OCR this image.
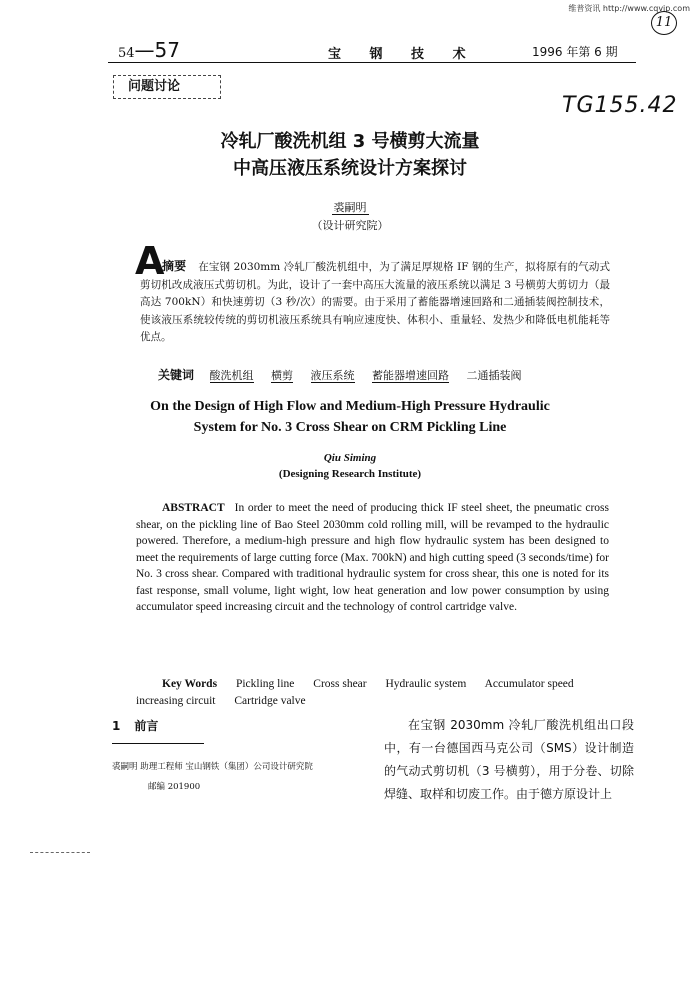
维普资讯 http://www.cqvip.com
11
54—57	宝 钢 技 术	1996 年第 6 期
问题讨论
TG155.42
冷轧厂酸洗机组 3 号横剪大流量
中高压液压系统设计方案探讨
裘嗣明
（设计研究院）
A
摘要 在宝钢 2030mm 冷轧厂酸洗机组中，为了满足厚规格 IF 钢的生产，拟将原有的气动式剪切机改成液压式剪切机。为此，设计了一套中高压大流量的液压系统以满足 3 号横剪大剪切力（最高达 700kN）和快速剪切（3 秒/次）的需要。由于采用了蓄能器增速回路和二通插装阀控制技术，使该液压系统较传统的剪切机液压系统具有响应速度快、体积小、重量轻、发热少和降低电机能耗等优点。
关键词 酸洗机组 横剪 液压系统 蓄能器增速回路 二通插装阀
On the Design of High Flow and Medium-High Pressure Hydraulic
System for No. 3 Cross Shear on CRM Pickling Line
Qiu Siming
(Designing Research Institute)
ABSTRACT In order to meet the need of producing thick IF steel sheet, the pneumatic cross shear, on the pickling line of Bao Steel 2030mm cold rolling mill, will be revamped to the hydraulic powered. Therefore, a medium-high pressure and high flow hydraulic system has been designed to meet the requirements of large cutting force (Max. 700kN) and high cutting speed (3 seconds/time) for No. 3 cross shear. Compared with traditional hydraulic system for cross shear, this one is noted for its fast response, small volume, light wight, low heat generation and low power consumption by using accumulator speed increasing circuit and the technology of control cartridge valve.
Key Words Pickling line Cross shear Hydraulic system Accumulator speed increasing circuit Cartridge valve
1 前言
裘嗣明 助理工程师 宝山钢铁（集团）公司设计研究院
邮编 201900
在宝钢 2030mm 冷轧厂酸洗机组出口段中，有一台德国西马克公司（SMS）设计制造的气动式剪切机（3 号横剪），用于分卷、切除焊缝、取样和切废工作。由于德方原设计上
